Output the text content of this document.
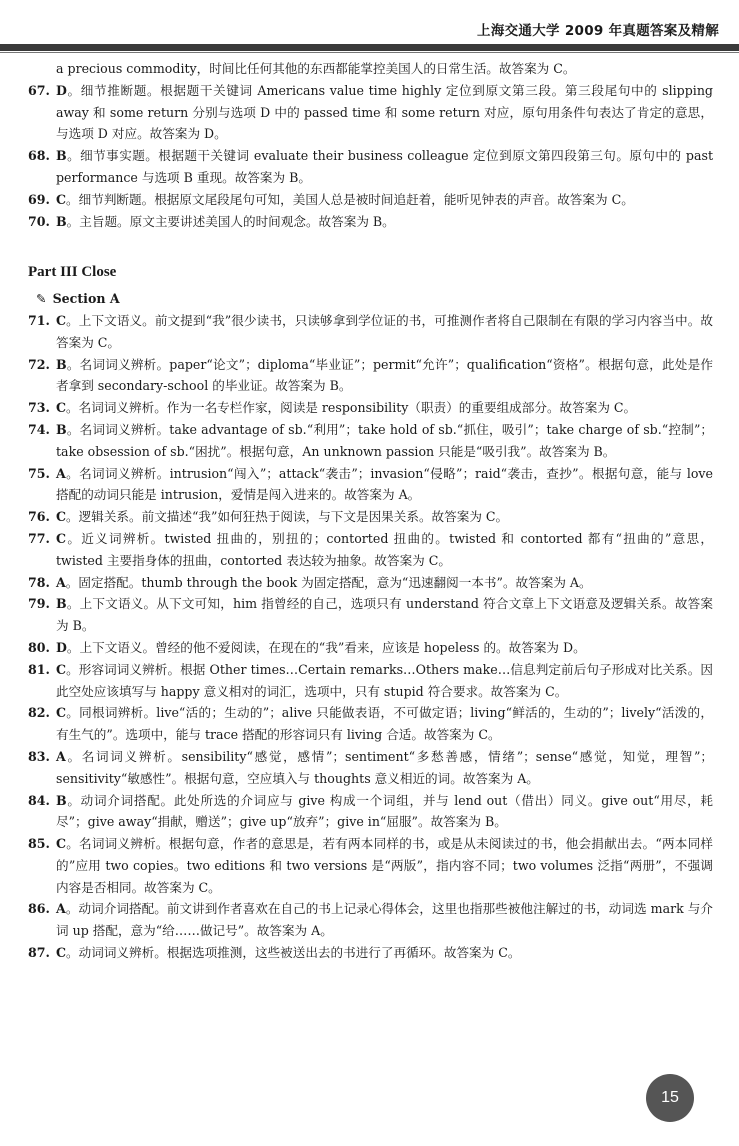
上海交通大学 2009 年真题答案及精解
a precious commodity，时间比任何其他的东西都能掌控美国人的日常生活。故答案为 C。
67. D。细节推断题。根据题干关键词 Americans value time highly 定位到原文第三段。第三段尾句中的 slipping away 和 some return 分别与选项 D 中的 passed time 和 some return 对应，原句用条件句表达了肯定的意思，与选项 D 对应。故答案为 D。
68. B。细节事实题。根据题干关键词 evaluate their business colleague 定位到原文第四段第三句。原句中的 past performance 与选项 B 重现。故答案为 B。
69. C。细节判断题。根据原文尾段尾句可知，美国人总是被时间追赶着，能听见钟表的声音。故答案为 C。
70. B。主旨题。原文主要讲述美国人的时间观念。故答案为 B。
Part III Close
✎ Section A
71. C。上下文语义。前文提到“我”很少读书，只读够拿到学位证的书，可推测作者将自己限制在有限的学习内容当中。故答案为 C。
72. B。名词词义辨析。paper“论文”；diploma“毕业证”；permit“允许”；qualification“资格”。根据句意，此处是作者拿到 secondary-school 的毕业证。故答案为 B。
73. C。名词词义辨析。作为一名专栏作家，阅读是 responsibility（职责）的重要组成部分。故答案为 C。
74. B。名词词义辨析。take advantage of sb.“利用”；take hold of sb.“抓住，吸引”；take charge of sb.“控制”；take obsession of sb.“困扰”。根据句意，An unknown passion 只能是“吸引我”。故答案为 B。
75. A。名词词义辨析。intrusion“闯入”；attack“袭击”；invasion“侵略”；raid“袭击，查抄”。根据句意，能与 love 搭配的动词只能是 intrusion，爱情是闯入进来的。故答案为 A。
76. C。逻辑关系。前文描述“我”如何狂热于阅读，与下文是因果关系。故答案为 C。
77. C。近义词辨析。twisted 扭曲的，别扭的；contorted 扭曲的。twisted 和 contorted 都有“扭曲的”意思，twisted 主要指身体的扭曲，contorted 表达较为抽象。故答案为 C。
78. A。固定搭配。thumb through the book 为固定搭配，意为“迅速翻阅一本书”。故答案为 A。
79. B。上下文语义。从下文可知，him 指曾经的自己，选项只有 understand 符合文章上下文语意及逻辑关系。故答案为 B。
80. D。上下文语义。曾经的他不爱阅读，在现在的“我”看来，应该是 hopeless 的。故答案为 D。
81. C。形容词词义辨析。根据 Other times…Certain remarks…Others make…信息判定前后句子形成对比关系。因此空处应该填写与 happy 意义相对的词汇，选项中，只有 stupid 符合要求。故答案为 C。
82. C。同根词辨析。live“活的；生动的”；alive 只能做表语，不可做定语；living“鲜活的，生动的”；lively“活泼的，有生气的”。选项中，能与 trace 搭配的形容词只有 living 合适。故答案为 C。
83. A。名词词义辨析。sensibility“感觉，感情”；sentiment“多愁善感，情绪”；sense“感觉，知觉，理智”；sensitivity“敏感性”。根据句意，空应填入与 thoughts 意义相近的词。故答案为 A。
84. B。动词介词搭配。此处所选的介词应与 give 构成一个词组，并与 lend out（借出）同义。give out“用尽，耗尽”；give away“捐献，赠送”；give up“放弃”；give in“屈服”。故答案为 B。
85. C。名词词义辨析。根据句意，作者的意思是，若有两本同样的书，或是从未阅读过的书，他会捐献出去。“两本同样的”应用 two copies。two editions 和 two versions 是“两版”，指内容不同；two volumes 泛指“两册”，不强调内容是否相同。故答案为 C。
86. A。动词介词搭配。前文讲到作者喜欢在自己的书上记录心得体会，这里也指那些被他注解过的书，动词选 mark 与介词 up 搭配，意为“给……做记号”。故答案为 A。
87. C。动词词义辨析。根据选项推测，这些被送出去的书进行了再循环。故答案为 C。
15
